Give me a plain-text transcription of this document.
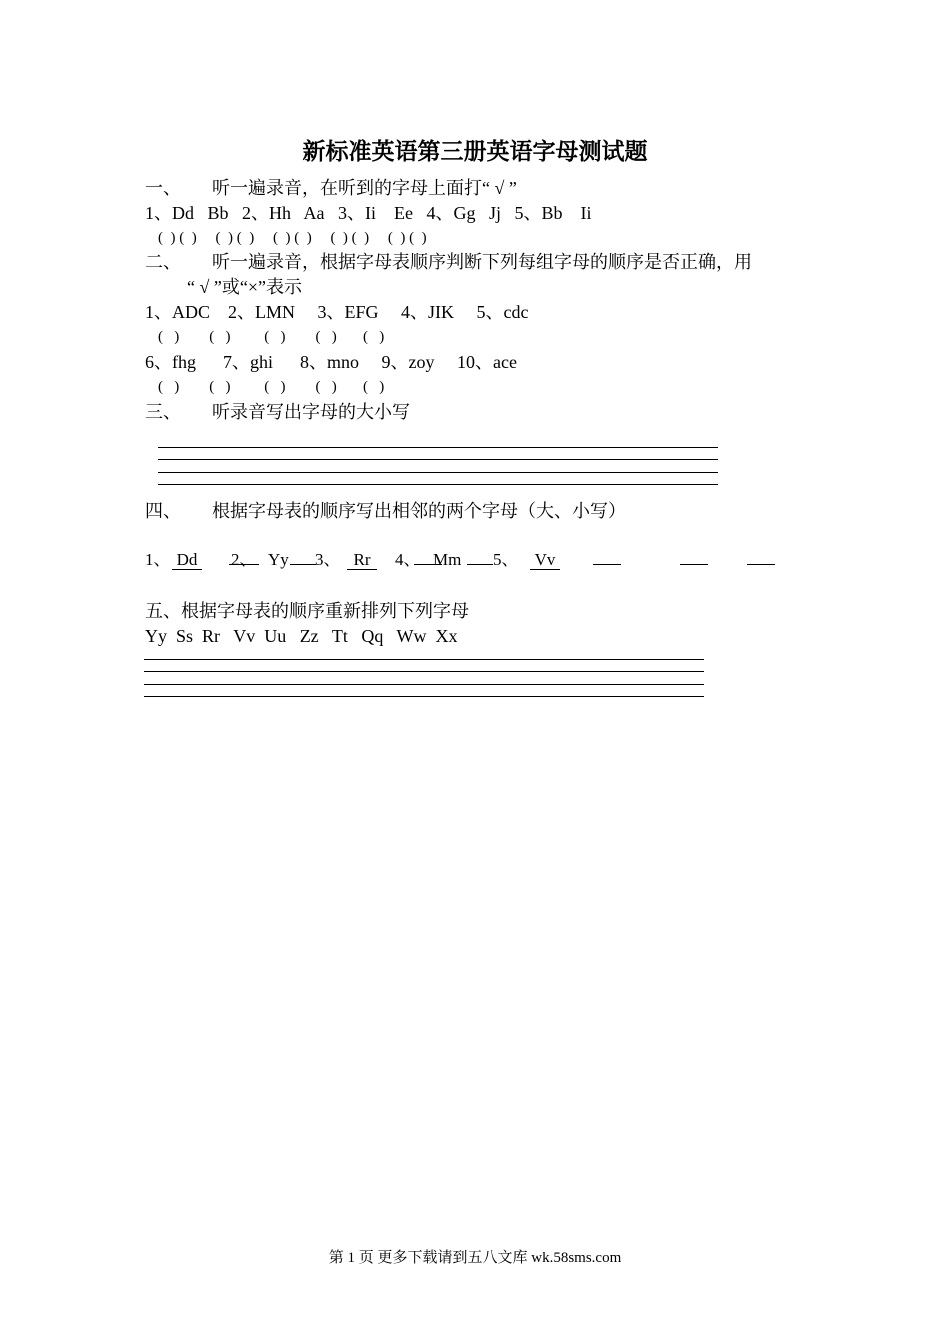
新标准英语第三册英语字母测试题
一、 听一遍录音，在听到的字母上面打“ √ ”
1、Dd   Bb   2、Hh   Aa   3、Ii    Ee   4、Gg   Jj   5、Bb    Ii
(  ) (  )     (  ) (  )     (  ) (  )     (  ) (  )     (  ) (  )
二、 听一遍录音，根据字母表顺序判断下列每组字母的顺序是否正确，用
“ √ ”或“×”表示
1、ADC    2、LMN     3、EFG     4、JIK     5、cdc
(   )        (   )         (   )        (   )       (   )
6、fhg      7、ghi      8、mno     9、zoy     10、ace
(   )        (   )         (   )        (   )       (   )
三、 听录音写出字母的大小写
四、 根据字母表的顺序写出相邻的两个字母（大、小写）
1、 Dd 2、 Yy 3、 Rr	4、 Mm 5、 Vv
五、根据字母表的顺序重新排列下列字母
Yy  Ss  Rr   Vv  Uu   Zz   Tt   Qq   Ww  Xx
第 1 页 更多下载请到五八文库 wk.58sms.com
